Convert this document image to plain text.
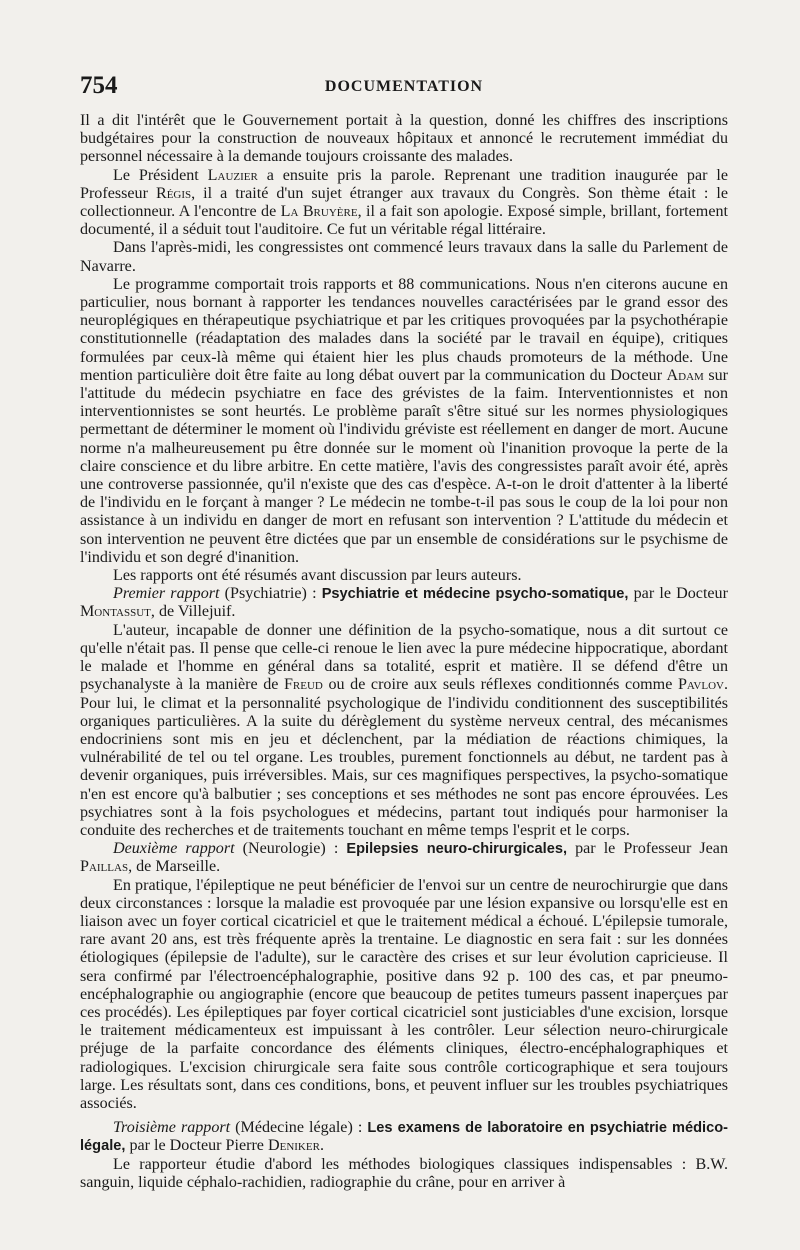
754	DOCUMENTATION

Il a dit l'intérêt que le Gouvernement portait à la question, donné les chiffres des inscriptions budgétaires pour la construction de nouveaux hôpitaux et annoncé le recrutement immédiat du personnel nécessaire à la demande toujours croissante des malades.

Le Président Lauzier a ensuite pris la parole. Reprenant une tradition inaugurée par le Professeur Régis, il a traité d'un sujet étranger aux travaux du Congrès. Son thème était : le collectionneur. A l'encontre de La Bruyère, il a fait son apologie. Exposé simple, brillant, fortement documenté, il a séduit tout l'auditoire. Ce fut un véritable régal littéraire.

Dans l'après-midi, les congressistes ont commencé leurs travaux dans la salle du Parlement de Navarre.

Le programme comportait trois rapports et 88 communications. Nous n'en citerons aucune en particulier, nous bornant à rapporter les tendances nouvelles caractérisées par le grand essor des neuroplégiques en thérapeutique psychiatrique et par les critiques provoquées par la psychothérapie constitutionnelle (réadaptation des malades dans la société par le travail en équipe), critiques formulées par ceux-là même qui étaient hier les plus chauds promoteurs de la méthode. Une mention particulière doit être faite au long débat ouvert par la communication du Docteur Adam sur l'attitude du médecin psychiatre en face des grévistes de la faim. Interventionnistes et non interventionnistes se sont heurtés. Le problème paraît s'être situé sur les normes physiologiques permettant de déterminer le moment où l'individu gréviste est réellement en danger de mort. Aucune norme n'a malheureusement pu être donnée sur le moment où l'inanition provoque la perte de la claire conscience et du libre arbitre. En cette matière, l'avis des congressistes paraît avoir été, après une controverse passionnée, qu'il n'existe que des cas d'espèce. A-t-on le droit d'attenter à la liberté de l'individu en le forçant à manger ? Le médecin ne tombe-t-il pas sous le coup de la loi pour non assistance à un individu en danger de mort en refusant son intervention ? L'attitude du médecin et son intervention ne peuvent être dictées que par un ensemble de considérations sur le psychisme de l'individu et son degré d'inanition.

Les rapports ont été résumés avant discussion par leurs auteurs.

Premier rapport (Psychiatrie) : Psychiatrie et médecine psycho-somatique, par le Docteur Montassut, de Villejuif.

L'auteur, incapable de donner une définition de la psycho-somatique, nous a dit surtout ce qu'elle n'était pas. Il pense que celle-ci renoue le lien avec la pure médecine hippocratique, abordant le malade et l'homme en général dans sa totalité, esprit et matière. Il se défend d'être un psychanalyste à la manière de Freud ou de croire aux seuls réflexes conditionnés comme Pavlov. Pour lui, le climat et la personnalité psychologique de l'individu conditionnent des susceptibilités organiques particulières. A la suite du dérèglement du système nerveux central, des mécanismes endocriniens sont mis en jeu et déclenchent, par la médiation de réactions chimiques, la vulnérabilité de tel ou tel organe. Les troubles, purement fonctionnels au début, ne tardent pas à devenir organiques, puis irréversibles. Mais, sur ces magnifiques perspectives, la psycho-somatique n'en est encore qu'à balbutier ; ses conceptions et ses méthodes ne sont pas encore éprouvées. Les psychiatres sont à la fois psychologues et médecins, partant tout indiqués pour harmoniser la conduite des recherches et de traitements touchant en même temps l'esprit et le corps.

Deuxième rapport (Neurologie) : Epilepsies neuro-chirurgicales, par le Professeur Jean Paillas, de Marseille.

En pratique, l'épileptique ne peut bénéficier de l'envoi sur un centre de neurochirurgie que dans deux circonstances : lorsque la maladie est provoquée par une lésion expansive ou lorsqu'elle est en liaison avec un foyer cortical cicatriciel et que le traitement médical a échoué. L'épilepsie tumorale, rare avant 20 ans, est très fréquente après la trentaine. Le diagnostic en sera fait : sur les données étiologiques (épilepsie de l'adulte), sur le caractère des crises et sur leur évolution capricieuse. Il sera confirmé par l'électroencéphalographie, positive dans 92 p. 100 des cas, et par pneumo-encéphalographie ou angiographie (encore que beaucoup de petites tumeurs passent inaperçues par ces procédés). Les épileptiques par foyer cortical cicatriciel sont justiciables d'une excision, lorsque le traitement médicamenteux est impuissant à les contrôler. Leur sélection neuro-chirurgicale préjuge de la parfaite concordance des éléments cliniques, électro-encéphalographiques et radiologiques. L'excision chirurgicale sera faite sous contrôle corticographique et sera toujours large. Les résultats sont, dans ces conditions, bons, et peuvent influer sur les troubles psychiatriques associés.

Troisième rapport (Médecine légale) : Les examens de laboratoire en psychiatrie médico-légale, par le Docteur Pierre Deniker.

Le rapporteur étudie d'abord les méthodes biologiques classiques indispensables : B.W. sanguin, liquide céphalo-rachidien, radiographie du crâne, pour en arriver à
